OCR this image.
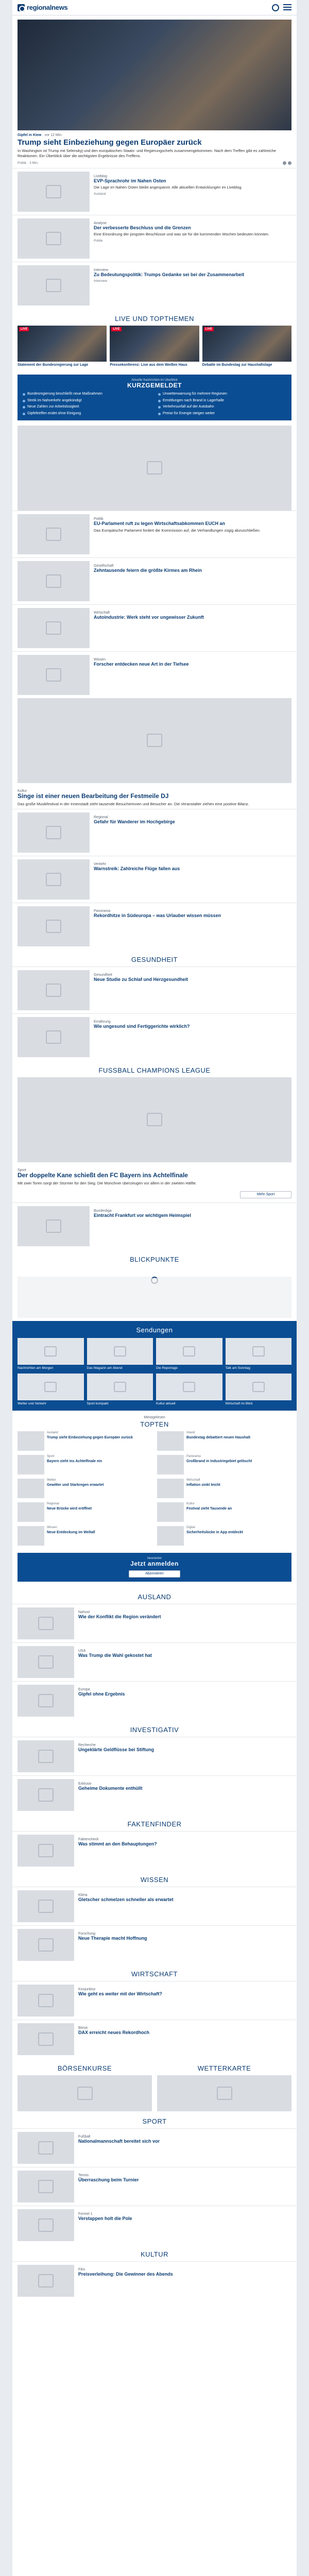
regionalnews
Gipfel in Kiew · vor 12 Min.
Trump sieht Einbeziehung gegen Europäer zurück
In Washington ist Trump mit Selenskyj und den europäischen Staats- und Regierungschefs zusammengekommen. Nach dem Treffen gibt es zahlreiche Reaktionen. Ein Überblick über die wichtigsten Ergebnisse des Treffens.
Politik · 3 Min.
Liveblog
EVP-Sprachrohr im Nahen Osten
Die Lage im Nahen Osten bleibt angespannt. Alle aktuellen Entwicklungen im Liveblog.
Ausland
Analyse
Der verbesserte Beschluss und die Grenzen
Eine Einordnung der jüngsten Beschlüsse und was sie für die kommenden Wochen bedeuten könnten.
Politik
Interview
Zu Bedeutungspolitik: Trumps Gedanke sei bei der Zusammenarbeit
Interview
LIVE UND TOPTHEMEN
LIVE
Statement der Bundesregierung zur Lage
LIVE
Pressekonferenz: Live aus dem Weißen Haus
LIVE
Debatte im Bundestag zur Haushaltslage
Aktuelle Nachrichten im Überblick
KURZGEMELDET
Bundesregierung beschließt neue Maßnahmen	Unwetterwarnung für mehrere Regionen
Streik im Nahverkehr angekündigt	Ermittlungen nach Brand in Lagerhalle
Neue Zahlen zur Arbeitslosigkeit	Verkehrsunfall auf der Autobahn
Gipfeltreffen endet ohne Einigung	Preise für Energie steigen weiter
Politik
EU-Parlament ruft zu legen Wirtschaftsabkommen EUCH an
Das Europäische Parlament fordert die Kommission auf, die Verhandlungen zügig abzuschließen.
Gesellschaft
Zehntausende feiern die größte Kirmes am Rhein
Wirtschaft
Autoindustrie: Werk steht vor ungewisser Zukunft
Wissen
Forscher entdecken neue Art in der Tiefsee
Kultur
Singe ist einer neuen Bearbeitung der Festmeile DJ
Das große Musikfestival in der Innenstadt zieht tausende Besucherinnen und Besucher an. Die Veranstalter ziehen eine positive Bilanz.
Regional
Gefahr für Wanderer im Hochgebirge
Verkehr
Warnstreik: Zahlreiche Flüge fallen aus
Panorama
Rekordhitze in Südeuropa – was Urlauber wissen müssen
GESUNDHEIT
Gesundheit
Neue Studie zu Schlaf und Herzgesundheit
Ernährung
Wie ungesund sind Fertiggerichte wirklich?
FUSSBALL CHAMPIONS LEAGUE
Sport
Der doppelte Kane schießt den FC Bayern ins Achtelfinale
Mit zwei Toren sorgt der Stürmer für den Sieg. Die Münchner überzeugen vor allem in der zweiten Hälfte.
Mehr Sport
Bundesliga
Eintracht Frankfurt vor wichtigem Heimspiel
BLICKPUNKTE
Sendungen
Nachrichten am Morgen	Das Magazin am Abend	Die Reportage	Talk am Sonntag
Wetter und Verkehr	Sport kompakt	Kultur aktuell	Wirtschaft im Blick
Meistgelesen
TOPTEN
Ausland
Trump sieht Einbeziehung gegen Europäer zurück
Inland
Bundestag debattiert neuen Haushalt
Sport
Bayern zieht ins Achtelfinale ein
Panorama
Großbrand in Industriegebiet gelöscht
Wetter
Gewitter und Starkregen erwartet
Wirtschaft
Inflation sinkt leicht
Regional
Neue Brücke wird eröffnet
Kultur
Festival zieht Tausende an
Wissen
Neue Entdeckung im Weltall
Digital
Sicherheitslücke in App entdeckt
Newsletter
Jetzt anmelden
Abonnieren
AUSLAND
Nahost
Wie der Konflikt die Region verändert
USA
Was Trump die Wahl gekostet hat
Europa
Gipfel ohne Ergebnis
INVESTIGATIV
Recherche
Ungeklärte Geldflüsse bei Stiftung
Exklusiv
Geheime Dokumente enthüllt
FAKTENFINDER
Faktencheck
Was stimmt an den Behauptungen?
WISSEN
Klima
Gletscher schmelzen schneller als erwartet
Forschung
Neue Therapie macht Hoffnung
WIRTSCHAFT
Konjunktur
Wie geht es weiter mit der Wirtschaft?
Börse
DAX erreicht neues Rekordhoch
BÖRSENKURSE	WETTERKARTE
SPORT
Fußball
Nationalmannschaft bereitet sich vor
Tennis
Überraschung beim Turnier
Formel 1
Verstappen holt die Pole
KULTUR
Film
Preisverleihung: Die Gewinner des Abends
